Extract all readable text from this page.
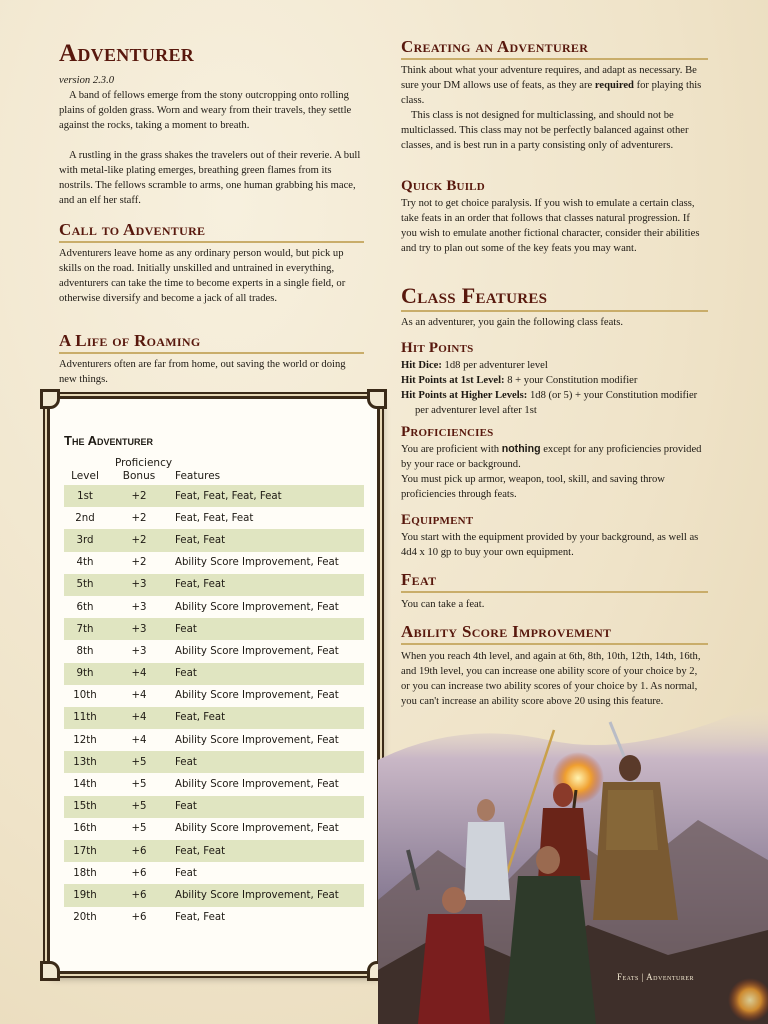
Adventurer
version 2.3.0

A band of fellows emerge from the stony outcropping onto rolling plains of golden grass. Worn and weary from their travels, they settle against the rocks, taking a moment to breath.

A rustling in the grass shakes the travelers out of their reverie. A bull with metal-like plating emerges, breathing green flames from its nostrils. The fellows scramble to arms, one human grabbing his mace, and an elf her staff.

Call to Adventure

Adventurers leave home as any ordinary person would, but pick up skills on the road. Initially unskilled and untrained in everything, adventurers can take the time to become experts in a single field, or otherwise diversify and become a jack of all trades.

A Life of Roaming

Adventurers often are far from home, out saving the world or doing new things.

The Adventurer
Level	Proficiency Bonus	Features
1st	+2	Feat, Feat, Feat, Feat
2nd	+2	Feat, Feat, Feat
3rd	+2	Feat, Feat
4th	+2	Ability Score Improvement, Feat
5th	+3	Feat, Feat
6th	+3	Ability Score Improvement, Feat
7th	+3	Feat
8th	+3	Ability Score Improvement, Feat
9th	+4	Feat
10th	+4	Ability Score Improvement, Feat
11th	+4	Feat, Feat
12th	+4	Ability Score Improvement, Feat
13th	+5	Feat
14th	+5	Ability Score Improvement, Feat
15th	+5	Feat
16th	+5	Ability Score Improvement, Feat
17th	+6	Feat, Feat
18th	+6	Feat
19th	+6	Ability Score Improvement, Feat
20th	+6	Feat, Feat
Creating an Adventurer

Think about what your adventure requires, and adapt as necessary. Be sure your DM allows use of feats, as they are required for playing this class.

This class is not designed for multiclassing, and should not be multiclassed. This class may not be perfectly balanced against other classes, and is best run in a party consisting only of adventurers.

Quick Build

Try not to get choice paralysis. If you wish to emulate a certain class, take feats in an order that follows that classes natural progression. If you wish to emulate another fictional character, consider their abilities and try to plan out some of the key feats you may want.

Class Features

As an adventurer, you gain the following class feats.

Hit Points

Hit Dice: 1d8 per adventurer level

Hit Points at 1st Level: 8 + your Constitution modifier

Hit Points at Higher Levels: 1d8 (or 5) + your Constitution modifier per adventurer level after 1st

Proficiencies

You are proficient with nothing except for any proficiencies provided by your race or background.

You must pick up armor, weapon, tool, skill, and saving throw proficiencies through feats.

Equipment

You start with the equipment provided by your background, as well as 4d4 x 10 gp to buy your own equipment.

Feat

You can take a feat.

Ability Score Improvement

When you reach 4th level, and again at 6th, 8th, 10th, 12th, 14th, 16th, and 19th level, you can increase one ability score of your choice by 2, or you can increase two ability scores of your choice by 1. As normal, you can't increase an ability score above 20 using this feature.

Feats | Adventurer
